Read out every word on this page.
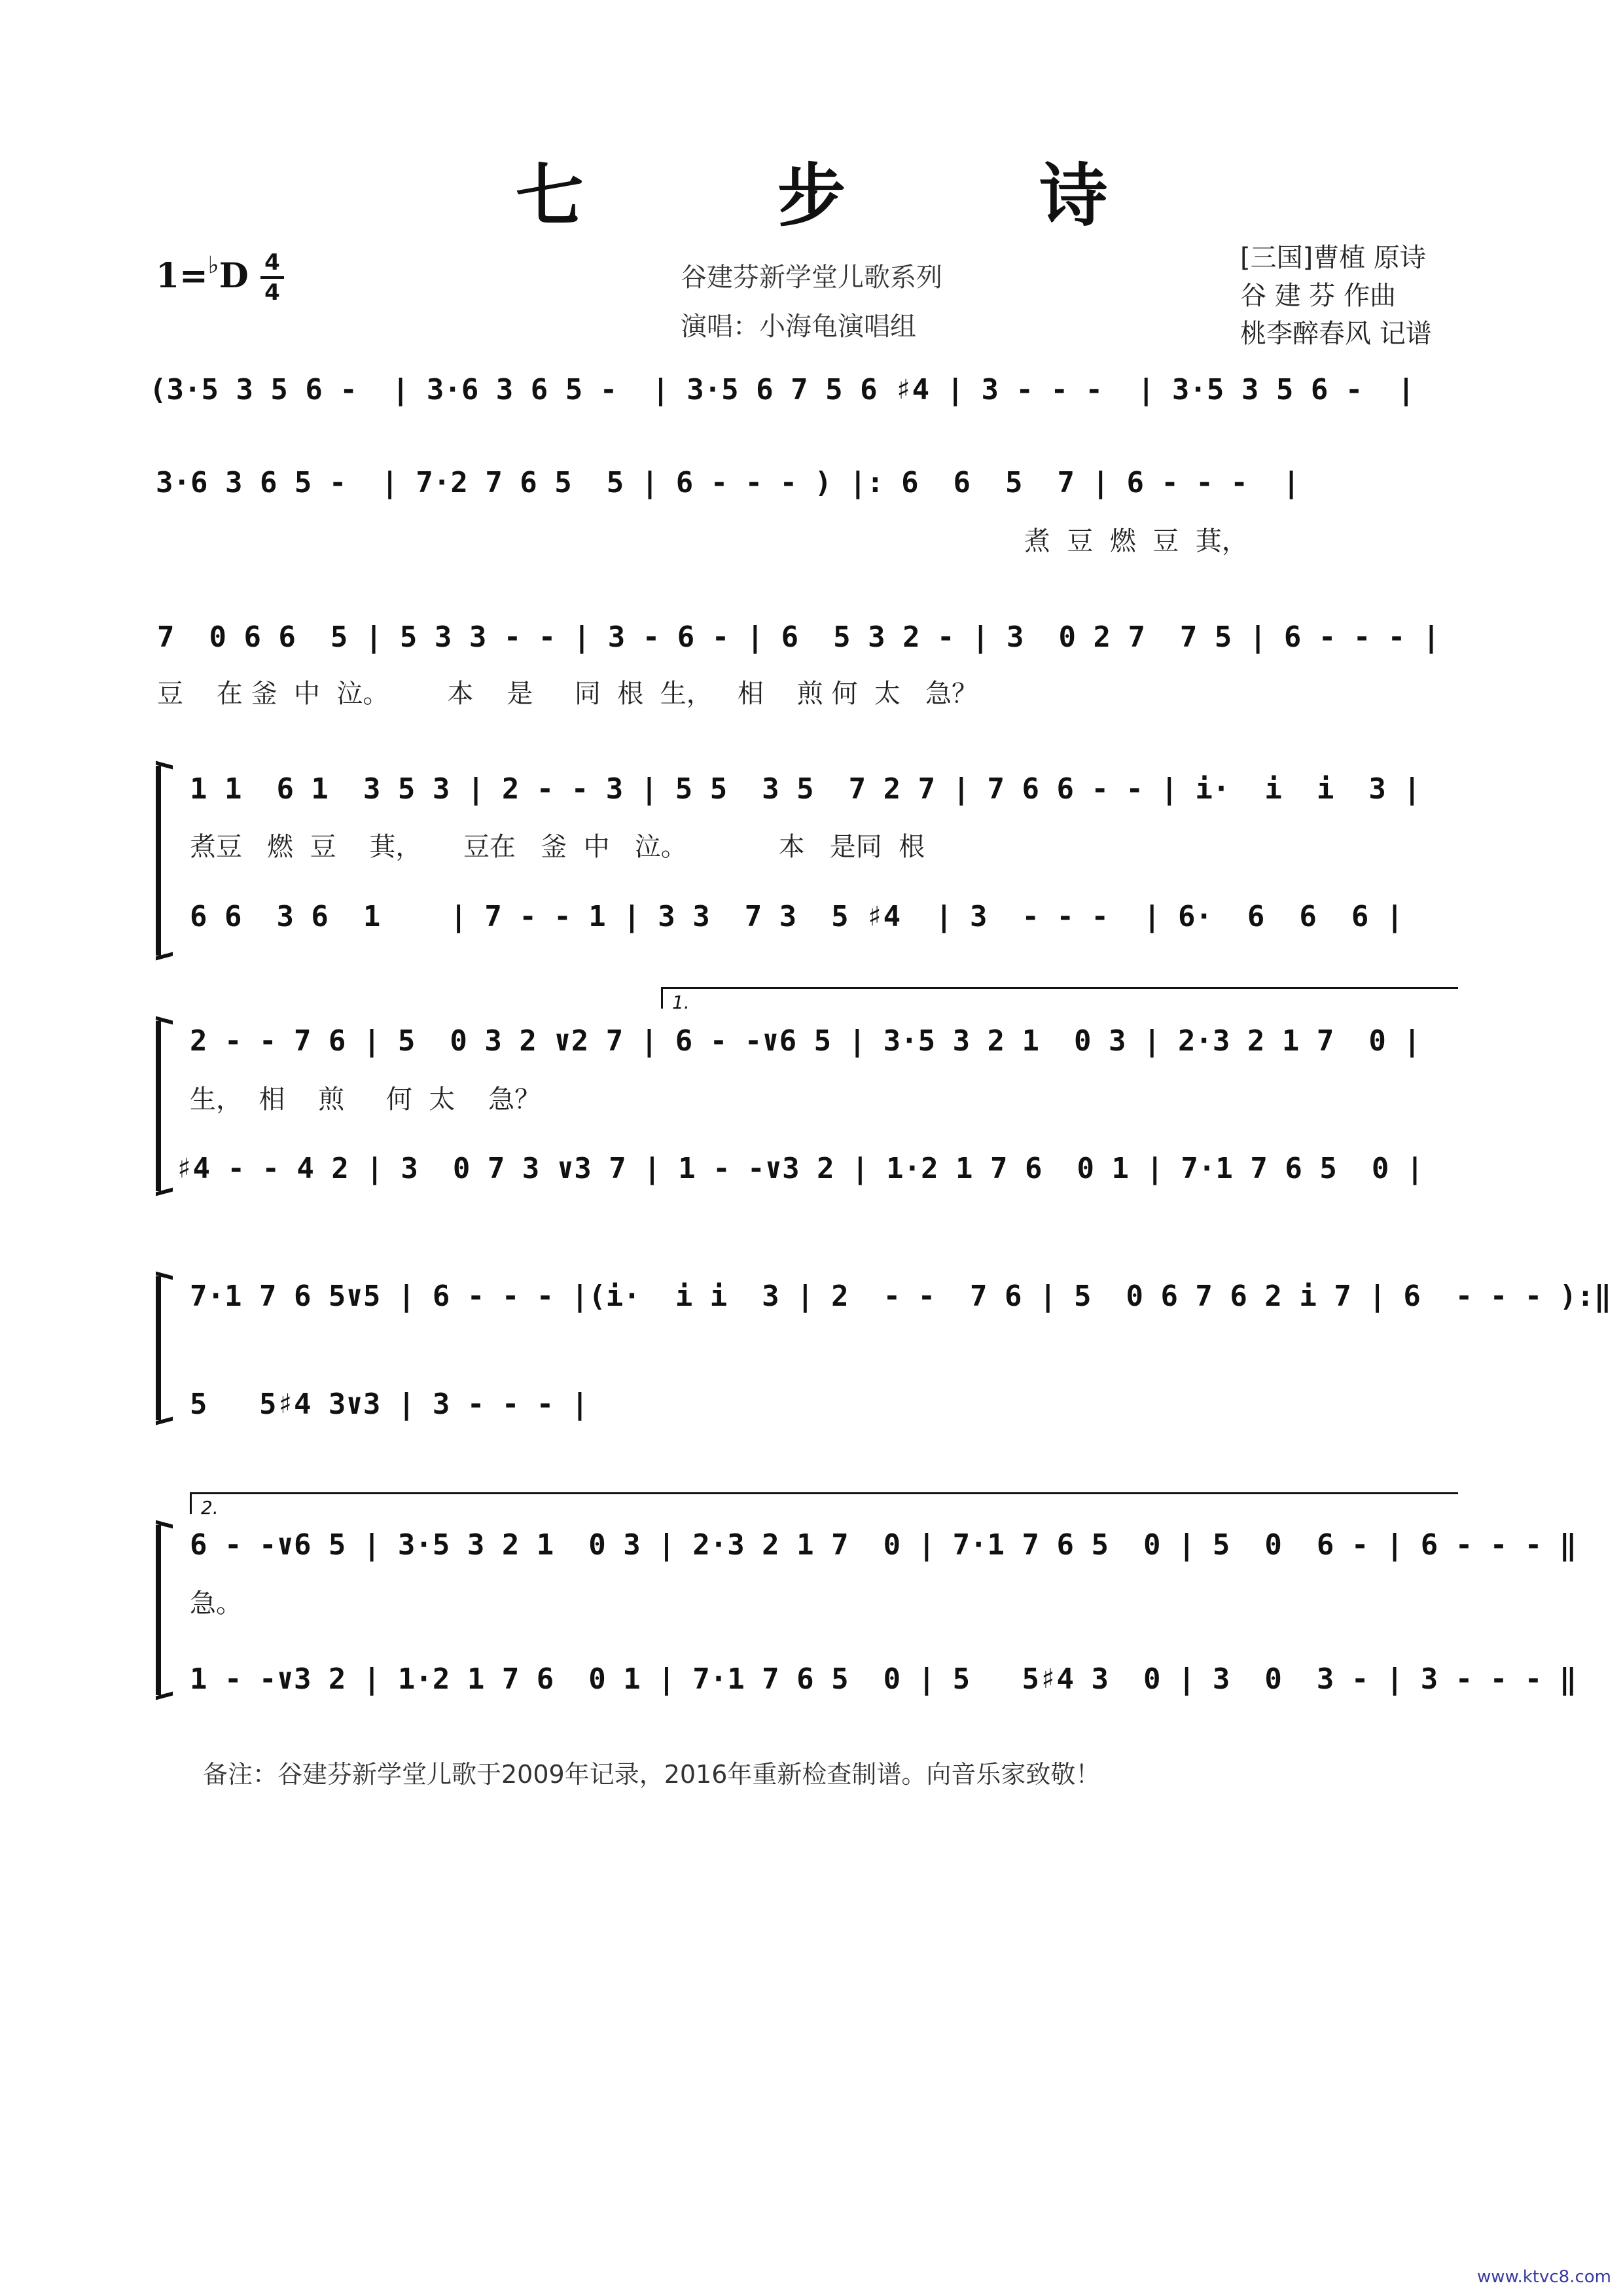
七 步 诗
1=♭D 4
4	谷建芬新学堂儿歌系列
演唱：小海龟演唱组
[三国]曹植 原诗
谷 建 芬 作曲
桃李醉春风 记谱
(3·5 3 5 6 -  | 3·6 3 6 5 -  | 3·5 6 7 5 6 ♯4 | 3 - - -  | 3·5 3 5 6 -  |
3·6 3 6 5 -  | 7·2 7 6 5  5 | 6 - - - ) |: 6  6  5  7 | 6 - - -  |
煮  豆  燃  豆  萁，
7  0 6 6  5 | 5 3 3 - - | 3 - 6 - | 6  5 3 2 - | 3  0 2 7  7 5 | 6 - - - |
豆    在 釜  中  泣。       本    是     同  根  生，   相    煎 何  太   急？
1 1  6 1  3 5 3 | 2 - - 3 | 5 5  3 5  7 2 7 | 7 6 6 - - | i·  i  i  3 |
煮豆   燃  豆    萁，     豆在   釜  中   泣。           本   是同  根
6 6  3 6  1    | 7 - - 1 | 3 3  7 3  5 ♯4  | 3  - - -  | 6·  6  6  6 |
1.
2 - - 7 6 | 5  0 3 2 ∨2 7 | 6 - -∨6 5 | 3·5 3 2 1  0 3 | 2·3 2 1 7  0 |
生，  相    煎     何  太    急？
♯4 - - 4 2 | 3  0 7 3 ∨3 7 | 1 - -∨3 2 | 1·2 1 7 6  0 1 | 7·1 7 6 5  0 |
7·1 7 6 5∨5 | 6 - - - |(i·  i i  3 | 2  - -  7 6 | 5  0 6 7 6 2 i 7 | 6  - - - ):‖
5   5♯4 3∨3 | 3 - - - |
2.
6 - -∨6 5 | 3·5 3 2 1  0 3 | 2·3 2 1 7  0 | 7·1 7 6 5  0 | 5  0  6 - | 6 - - - ‖
急。
1 - -∨3 2 | 1·2 1 7 6  0 1 | 7·1 7 6 5  0 | 5   5♯4 3  0 | 3  0  3 - | 3 - - - ‖
备注：谷建芬新学堂儿歌于2009年记录，2016年重新检查制谱。向音乐家致敬！
www.ktvc8.com
